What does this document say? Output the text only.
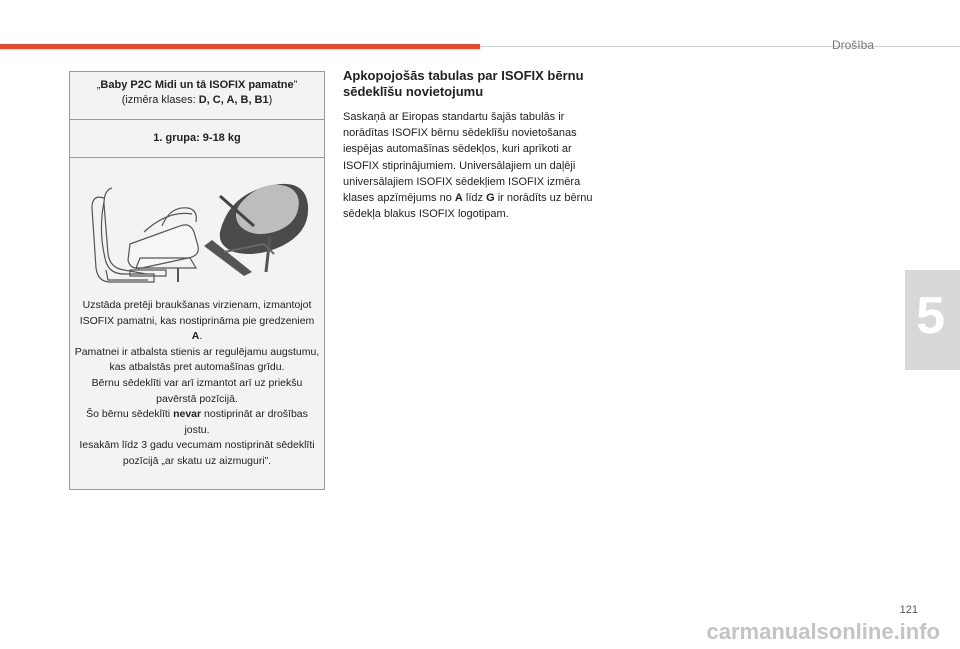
Drošība
5
„Baby P2C Midi un tā ISOFIX pamatne”
(izmēra klases: D, C, A, B, B1)
1. grupa: 9-18 kg

Uzstāda pretēji braukšanas virzienam, izmantojot ISOFIX pamatni, kas nostiprināma pie gredzeniem A.

Pamatnei ir atbalsta stienis ar regulējamu augstumu, kas atbalstās pret automašīnas grīdu.

Bērnu sēdeklīti var arī izmantot arī uz priekšu pavērstā pozīcijā.

Šo bērnu sēdeklīti nevar nostiprināt ar drošības jostu.

Iesakām līdz 3 gadu vecumam nostiprināt sēdeklīti pozīcijā „ar skatu uz aizmuguri”.

Apkopojošās tabulas par ISOFIX bērnu sēdeklīšu novietojumu

Saskaņā ar Eiropas standartu šajās tabulās ir norādītas ISOFIX bērnu sēdeklīšu novietošanas iespējas automašīnas sēdekļos, kuri aprīkoti ar ISOFIX stiprinājumiem. Universālajiem un daļēji universālajiem ISOFIX sēdekļiem ISOFIX izmēra klases apzīmējums no A līdz G ir norādīts uz bērnu sēdekļa blakus ISOFIX logotipam.

121
carmanualsonline.info
